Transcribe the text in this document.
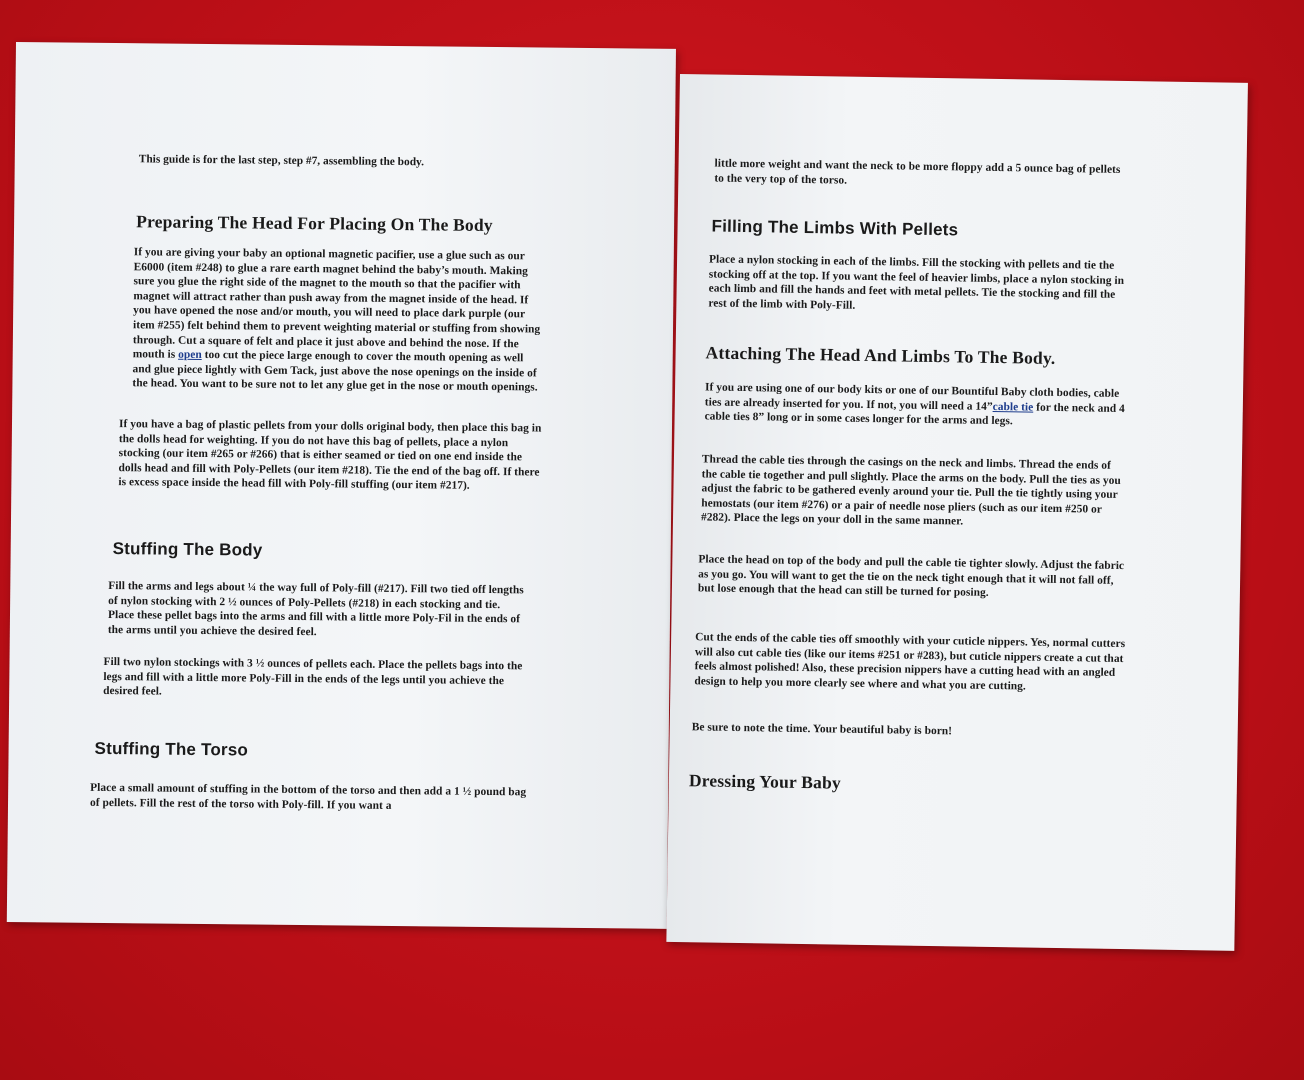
This guide is for the last step, step #7, assembling the body.

Preparing The Head For Placing On The Body

If you are giving your baby an optional magnetic pacifier, use a glue such as our E6000 (item #248) to glue a rare earth magnet behind the baby’s mouth. Making sure you glue the right side of the magnet to the mouth so that the pacifier with magnet will attract rather than push away from the magnet inside of the head. If you have opened the nose and/or mouth, you will need to place dark purple (our item #255) felt behind them to prevent weighting material or stuffing from showing through. Cut a square of felt and place it just above and behind the nose. If the mouth is open too cut the piece large enough to cover the mouth opening as well and glue piece lightly with Gem Tack, just above the nose openings on the inside of the head. You want to be sure not to let any glue get in the nose or mouth openings.

If you have a bag of plastic pellets from your dolls original body, then place this bag in the dolls head for weighting. If you do not have this bag of pellets, place a nylon stocking (our item #265 or #266) that is either seamed or tied on one end inside the dolls head and fill with Poly-Pellets (our item #218). Tie the end of the bag off. If there is excess space inside the head fill with Poly-fill stuffing (our item #217).

Stuffing The Body

Fill the arms and legs about ¼ the way full of Poly-fill (#217). Fill two tied off lengths of nylon stocking with 2 ½ ounces of Poly-Pellets (#218) in each stocking and tie. Place these pellet bags into the arms and fill with a little more Poly-Fil in the ends of the arms until you achieve the desired feel.

Fill two nylon stockings with 3 ½ ounces of pellets each. Place the pellets bags into the legs and fill with a little more Poly-Fill in the ends of the legs until you achieve the desired feel.

Stuffing The Torso

Place a small amount of stuffing in the bottom of the torso and then add a 1 ½ pound bag of pellets. Fill the rest of the torso with Poly-fill. If you want a

little more weight and want the neck to be more floppy add a 5 ounce bag of pellets to the very top of the torso.

Filling The Limbs With Pellets

Place a nylon stocking in each of the limbs. Fill the stocking with pellets and tie the stocking off at the top. If you want the feel of heavier limbs, place a nylon stocking in each limb and fill the hands and feet with metal pellets. Tie the stocking and fill the rest of the limb with Poly-Fill.

Attaching The Head And Limbs To The Body.

If you are using one of our body kits or one of our Bountiful Baby cloth bodies, cable ties are already inserted for you. If not, you will need a 14”cable tie for the neck and 4 cable ties 8” long or in some cases longer for the arms and legs.

Thread the cable ties through the casings on the neck and limbs. Thread the ends of the cable tie together and pull slightly. Place the arms on the body. Pull the ties as you adjust the fabric to be gathered evenly around your tie. Pull the tie tightly using your hemostats (our item #276) or a pair of needle nose pliers (such as our item #250 or #282). Place the legs on your doll in the same manner.

Place the head on top of the body and pull the cable tie tighter slowly. Adjust the fabric as you go. You will want to get the tie on the neck tight enough that it will not fall off, but lose enough that the head can still be turned for posing.

Cut the ends of the cable ties off smoothly with your cuticle nippers. Yes, normal cutters will also cut cable ties (like our items #251 or #283), but cuticle nippers create a cut that feels almost polished! Also, these precision nippers have a cutting head with an angled design to help you more clearly see where and what you are cutting.

Be sure to note the time. Your beautiful baby is born!

Dressing Your Baby
